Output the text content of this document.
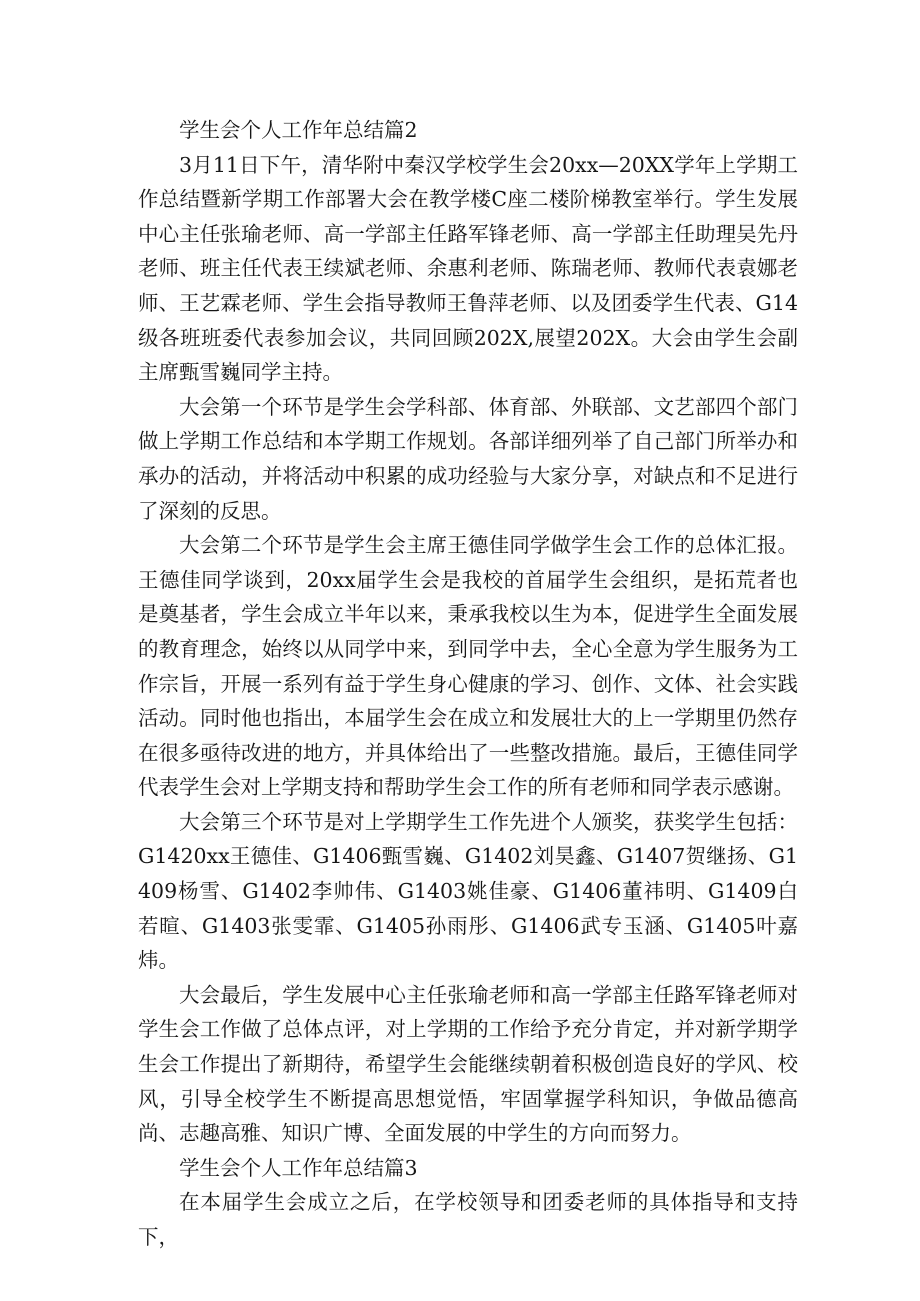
学生会个人工作年总结篇2

3月11日下午，清华附中秦汉学校学生会20xx—20XX学年上学期工作总结暨新学期工作部署大会在教学楼C座二楼阶梯教室举行。学生发展中心主任张瑜老师、高一学部主任路军锋老师、高一学部主任助理吴先丹老师、班主任代表王续斌老师、余惠利老师、陈瑞老师、教师代表袁娜老师、王艺霖老师、学生会指导教师王鲁萍老师、以及团委学生代表、G14级各班班委代表参加会议，共同回顾202X,展望202X。大会由学生会副主席甄雪巍同学主持。

大会第一个环节是学生会学科部、体育部、外联部、文艺部四个部门做上学期工作总结和本学期工作规划。各部详细列举了自己部门所举办和承办的活动，并将活动中积累的成功经验与大家分享，对缺点和不足进行了深刻的反思。

大会第二个环节是学生会主席王德佳同学做学生会工作的总体汇报。王德佳同学谈到，20xx届学生会是我校的首届学生会组织，是拓荒者也是奠基者，学生会成立半年以来，秉承我校以生为本，促进学生全面发展的教育理念，始终以从同学中来，到同学中去，全心全意为学生服务为工作宗旨，开展一系列有益于学生身心健康的学习、创作、文体、社会实践活动。同时他也指出，本届学生会在成立和发展壮大的上一学期里仍然存在很多亟待改进的地方，并具体给出了一些整改措施。最后，王德佳同学代表学生会对上学期支持和帮助学生会工作的所有老师和同学表示感谢。

大会第三个环节是对上学期学生工作先进个人颁奖，获奖学生包括：G1420xx王德佳、G1406甄雪巍、G1402刘昊鑫、G1407贺继扬、G1409杨雪、G1402李帅伟、G1403姚佳豪、G1406董祎明、G1409白若暄、G1403张雯霏、G1405孙雨彤、G1406武专玉涵、G1405叶嘉炜。

大会最后，学生发展中心主任张瑜老师和高一学部主任路军锋老师对学生会工作做了总体点评，对上学期的工作给予充分肯定，并对新学期学生会工作提出了新期待，希望学生会能继续朝着积极创造良好的学风、校风，引导全校学生不断提高思想觉悟，牢固掌握学科知识，争做品德高尚、志趣高雅、知识广博、全面发展的中学生的方向而努力。

学生会个人工作年总结篇3

在本届学生会成立之后，在学校领导和团委老师的具体指导和支持下，
